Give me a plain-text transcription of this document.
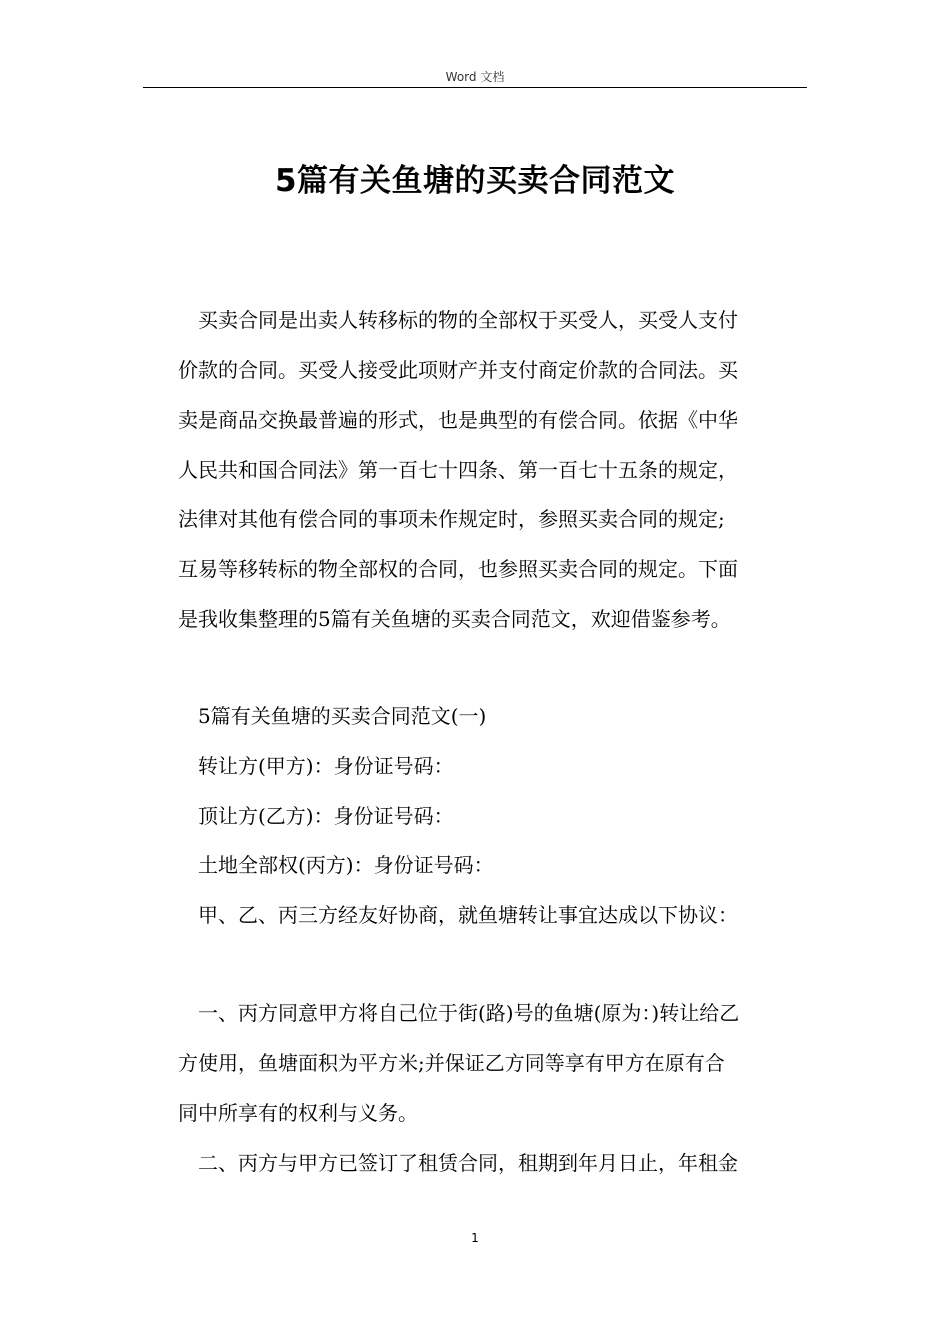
Word 文档
5篇有关鱼塘的买卖合同范文
买卖合同是出卖人转移标的物的全部权于买受人，买受人支付
价款的合同。买受人接受此项财产并支付商定价款的合同法。买
卖是商品交换最普遍的形式，也是典型的有偿合同。依据《中华
人民共和国合同法》第一百七十四条、第一百七十五条的规定，
法律对其他有偿合同的事项未作规定时，参照买卖合同的规定;
互易等移转标的物全部权的合同，也参照买卖合同的规定。下面
是我收集整理的5篇有关鱼塘的买卖合同范文，欢迎借鉴参考。
5篇有关鱼塘的买卖合同范文(一)
转让方(甲方)：身份证号码：
顶让方(乙方)：身份证号码：
土地全部权(丙方)：身份证号码：
甲、乙、丙三方经友好协商，就鱼塘转让事宜达成以下协议：
一、丙方同意甲方将自己位于街(路)号的鱼塘(原为：)转让给乙
方使用，鱼塘面积为平方米;并保证乙方同等享有甲方在原有合
同中所享有的权利与义务。
二、丙方与甲方已签订了租赁合同，租期到年月日止，年租金
1
